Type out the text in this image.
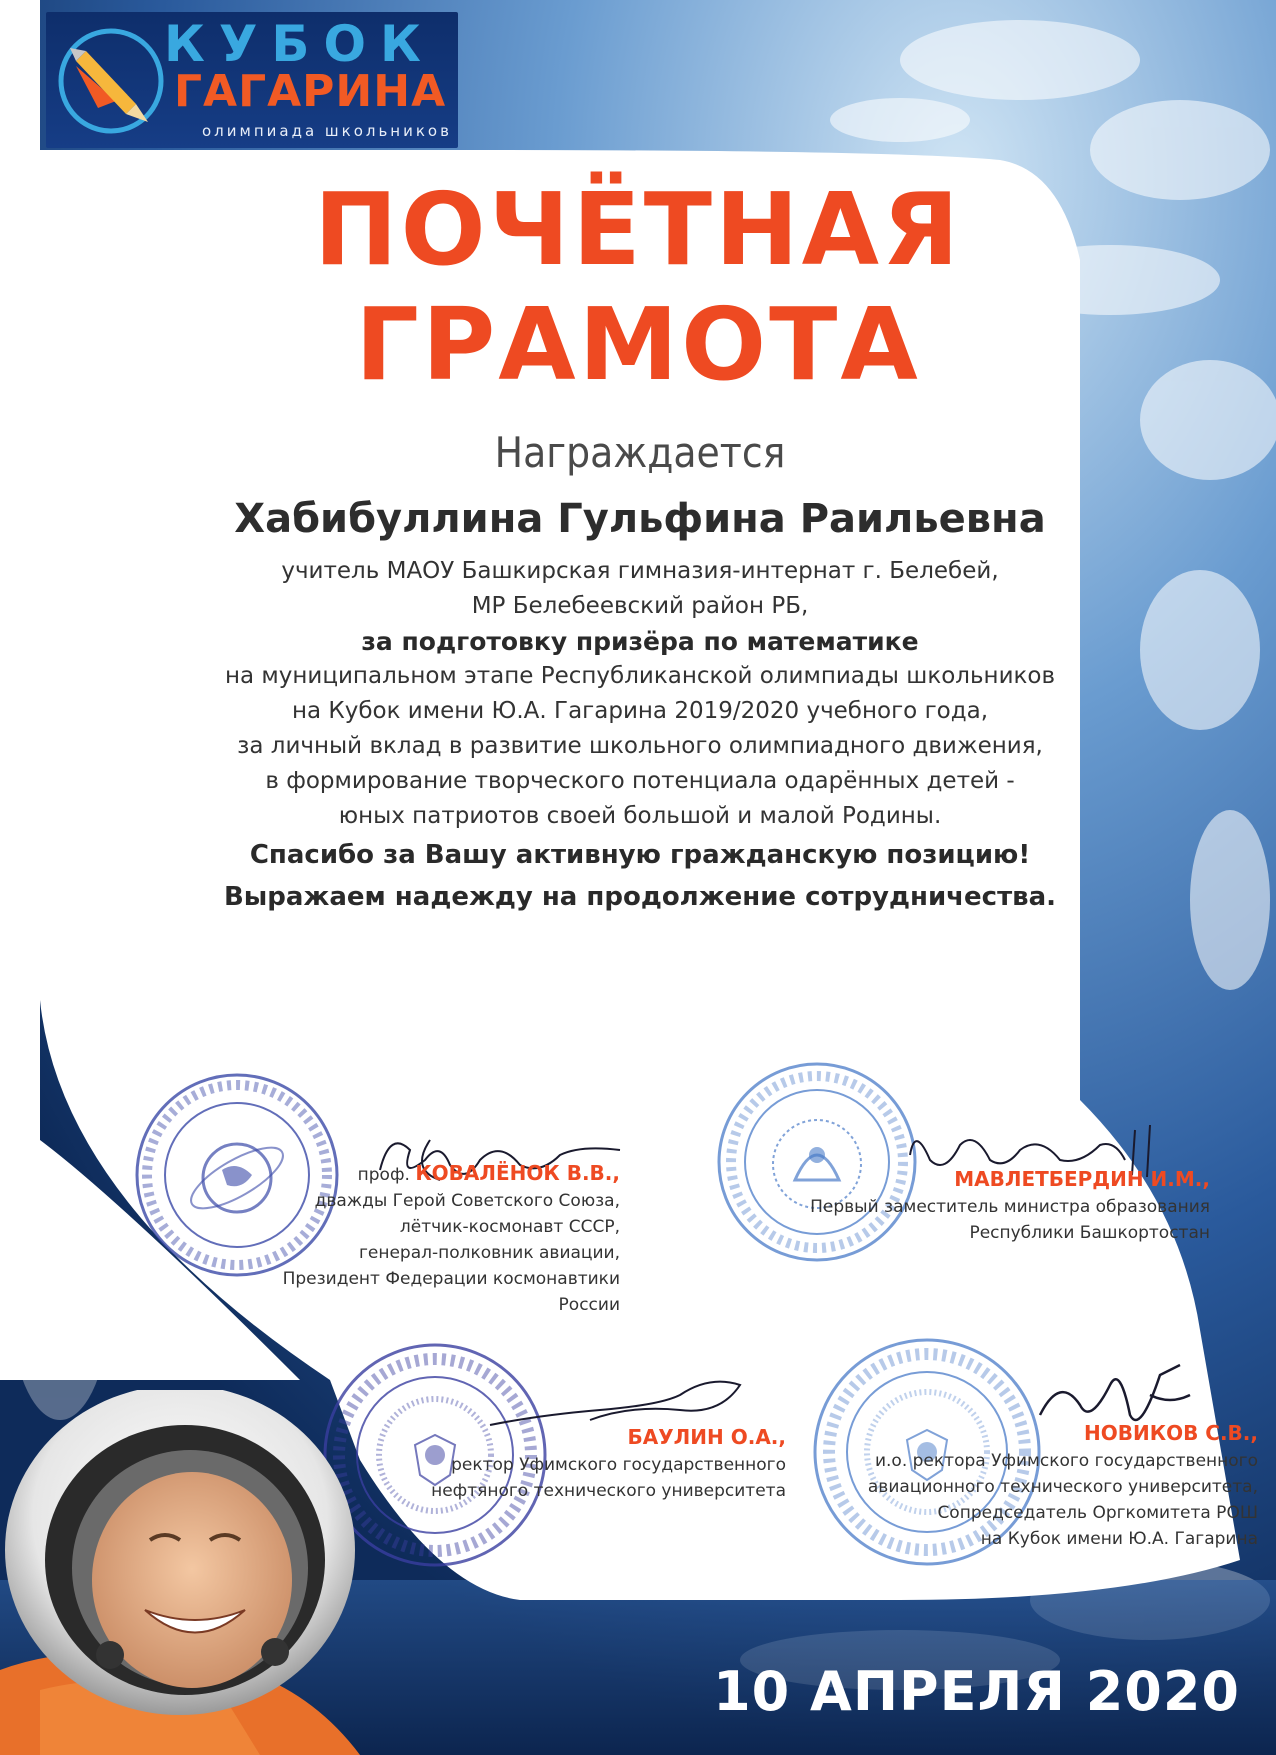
КУБОК
ГАГАРИНА
олимпиада школьников
ПОЧЁТНАЯ
ГРАМОТА
Награждается
Хабибуллина Гульфина Раильевна
учитель МАОУ Башкирская гимназия-интернат г. Белебей,
МР Белебеевский район РБ,
за подготовку призёра по математике
на муниципальном этапе Республиканской олимпиады школьников
на Кубок имени Ю.А. Гагарина 2019/2020 учебного года,
за личный вклад в развитие школьного олимпиадного движения,
в формирование творческого потенциала одарённых детей -
юных патриотов своей большой и малой Родины.
Спасибо за Вашу активную гражданскую позицию!
Выражаем надежду на продолжение сотрудничества.
проф. КОВАЛЁНОК В.В.,
дважды Герой Советского Союза,
лётчик-космонавт СССР,
генерал-полковник авиации,
Президент Федерации космонавтики России
МАВЛЕТБЕРДИН И.М.,
Первый заместитель министра образования
Республики Башкортостан
БАУЛИН О.А.,
ректор Уфимского государственного
нефтяного технического университета
НОВИКОВ С.В.,
и.о. ректора Уфимского государственного
авиационного технического университета,
Сопредседатель Оргкомитета РОШ
на Кубок имени Ю.А. Гагарина
10 АПРЕЛЯ 2020
